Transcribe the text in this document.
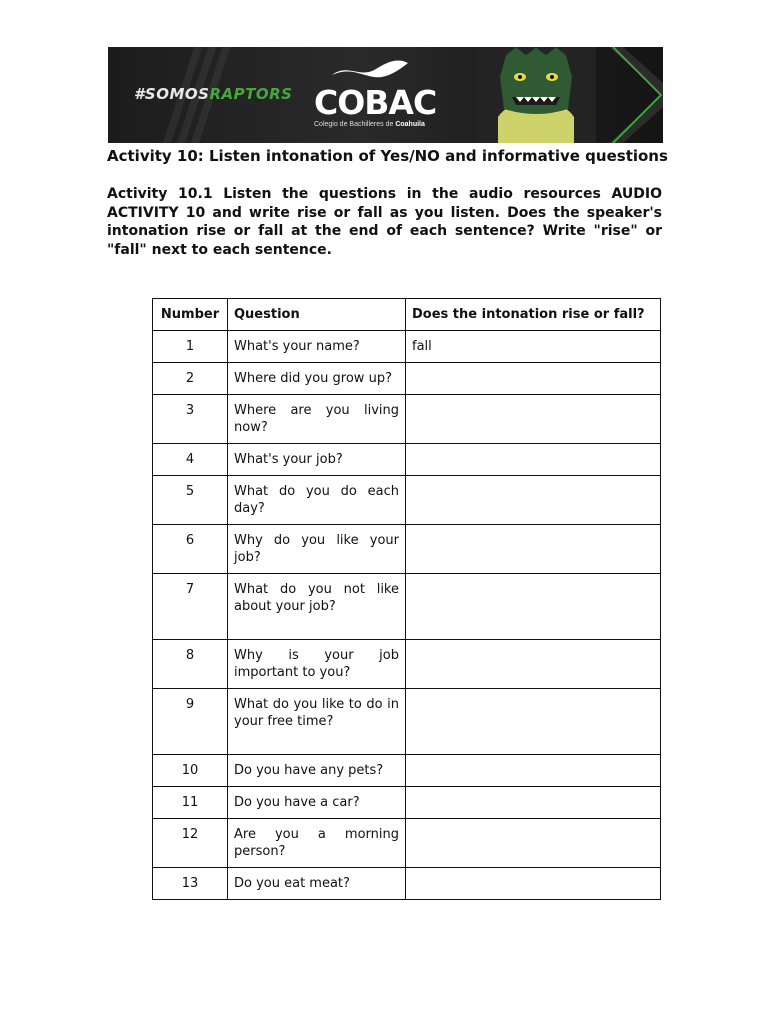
#SOMOSRAPTORS COBAC
Colegio de Bachilleres de Coahuila
Activity 10: Listen intonation of Yes/NO and informative questions
Activity 10.1 Listen the questions in the audio resources AUDIO ACTIVITY 10 and write rise or fall as you listen. Does the speaker's intonation rise or fall at the end of each sentence? Write "rise" or "fall" next to each sentence.
Number	Question	Does the intonation rise or fall?
1	What's your name?	fall
2	Where did you grow up?	
3	Where are you living now?	
4	What's your job?	
5	What do you do each day?	
6	Why do you like your job?	
7	What do you not like about your job?	
8	Why is your job important to you?	
9	What do you like to do in your free time?	
10	Do you have any pets?	
11	Do you have a car?	
12	Are you a morning person?	
13	Do you eat meat?	
